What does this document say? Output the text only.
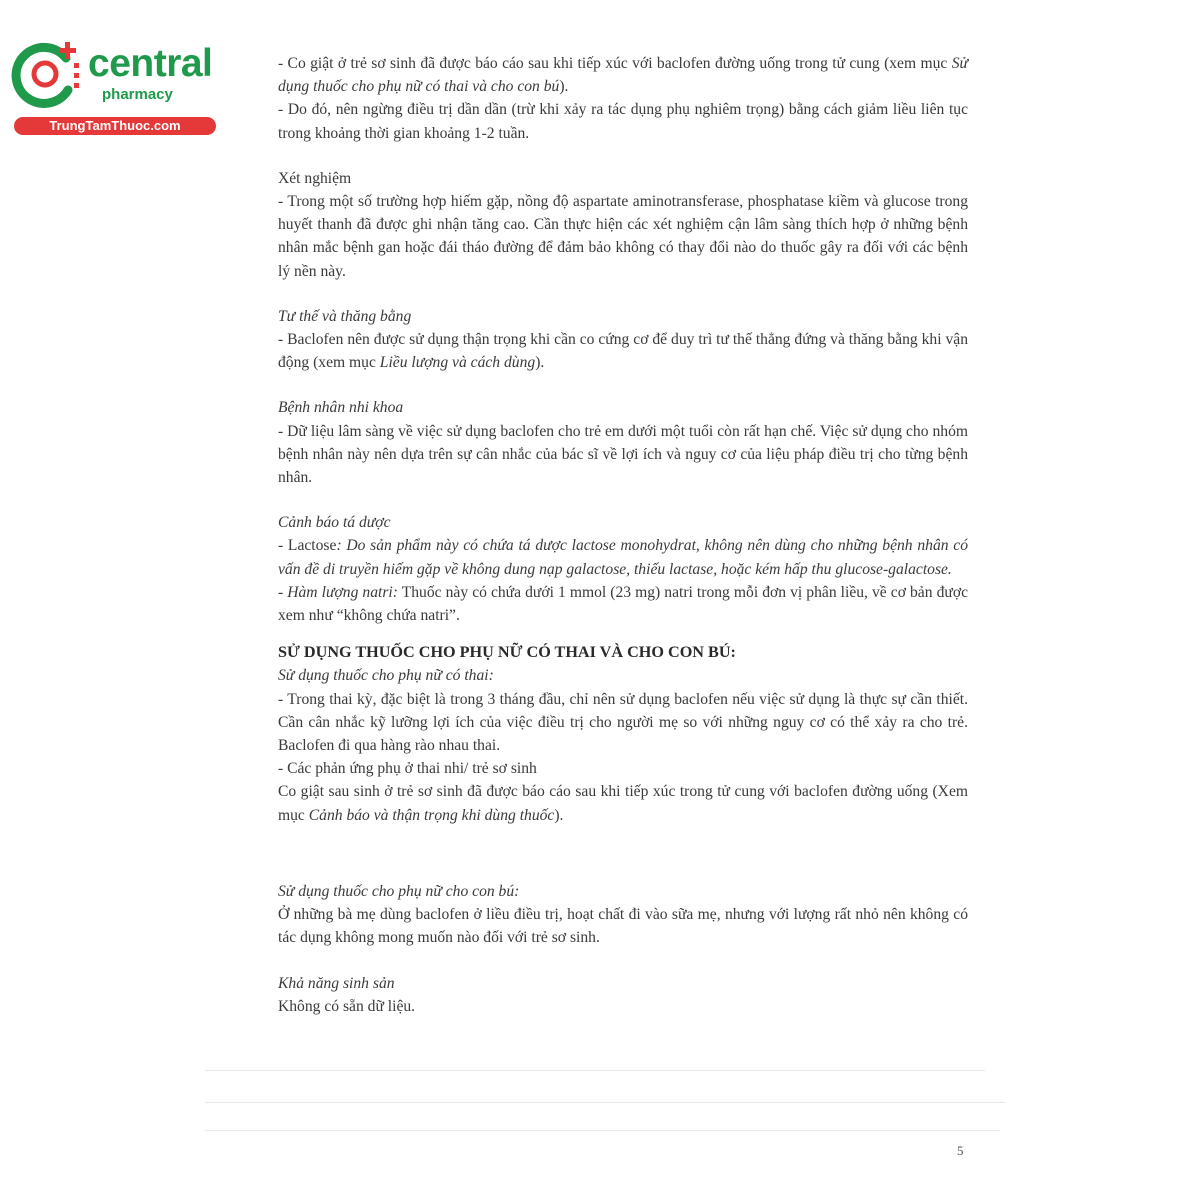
central
pharmacy
TrungTamThuoc.com

- Co giật ở trẻ sơ sinh đã được báo cáo sau khi tiếp xúc với baclofen đường uống trong tử cung (xem mục Sử dụng thuốc cho phụ nữ có thai và cho con bú).

- Do đó, nên ngừng điều trị dần dần (trừ khi xảy ra tác dụng phụ nghiêm trọng) bằng cách giảm liều liên tục trong khoảng thời gian khoảng 1-2 tuần.

Xét nghiệm

- Trong một số trường hợp hiếm gặp, nồng độ aspartate aminotransferase, phosphatase kiềm và glucose trong huyết thanh đã được ghi nhận tăng cao. Cần thực hiện các xét nghiệm cận lâm sàng thích hợp ở những bệnh nhân mắc bệnh gan hoặc đái tháo đường để đảm bảo không có thay đổi nào do thuốc gây ra đối với các bệnh lý nền này.

Tư thế và thăng bằng

- Baclofen nên được sử dụng thận trọng khi cần co cứng cơ để duy trì tư thế thẳng đứng và thăng bằng khi vận động (xem mục Liều lượng và cách dùng).

Bệnh nhân nhi khoa

- Dữ liệu lâm sàng về việc sử dụng baclofen cho trẻ em dưới một tuổi còn rất hạn chế. Việc sử dụng cho nhóm bệnh nhân này nên dựa trên sự cân nhắc của bác sĩ về lợi ích và nguy cơ của liệu pháp điều trị cho từng bệnh nhân.

Cảnh báo tá dược

- Lactose: Do sản phẩm này có chứa tá dược lactose monohydrat, không nên dùng cho những bệnh nhân có vấn đề di truyền hiếm gặp về không dung nạp galactose, thiếu lactase, hoặc kém hấp thu glucose-galactose.

- Hàm lượng natri: Thuốc này có chứa dưới 1 mmol (23 mg) natri trong mỗi đơn vị phân liều, về cơ bản được xem như “không chứa natri”.

SỬ DỤNG THUỐC CHO PHỤ NỮ CÓ THAI VÀ CHO CON BÚ:

Sử dụng thuốc cho phụ nữ có thai:

- Trong thai kỳ, đặc biệt là trong 3 tháng đầu, chỉ nên sử dụng baclofen nếu việc sử dụng là thực sự cần thiết. Cần cân nhắc kỹ lưỡng lợi ích của việc điều trị cho người mẹ so với những nguy cơ có thể xảy ra cho trẻ. Baclofen đi qua hàng rào nhau thai.

- Các phản ứng phụ ở thai nhi/ trẻ sơ sinh

Co giật sau sinh ở trẻ sơ sinh đã được báo cáo sau khi tiếp xúc trong tử cung với baclofen đường uống (Xem mục Cảnh báo và thận trọng khi dùng thuốc).

Sử dụng thuốc cho phụ nữ cho con bú:

Ở những bà mẹ dùng baclofen ở liều điều trị, hoạt chất đi vào sữa mẹ, nhưng với lượng rất nhỏ nên không có tác dụng không mong muốn nào đối với trẻ sơ sinh.

Khả năng sinh sản

Không có sẵn dữ liệu.

5
